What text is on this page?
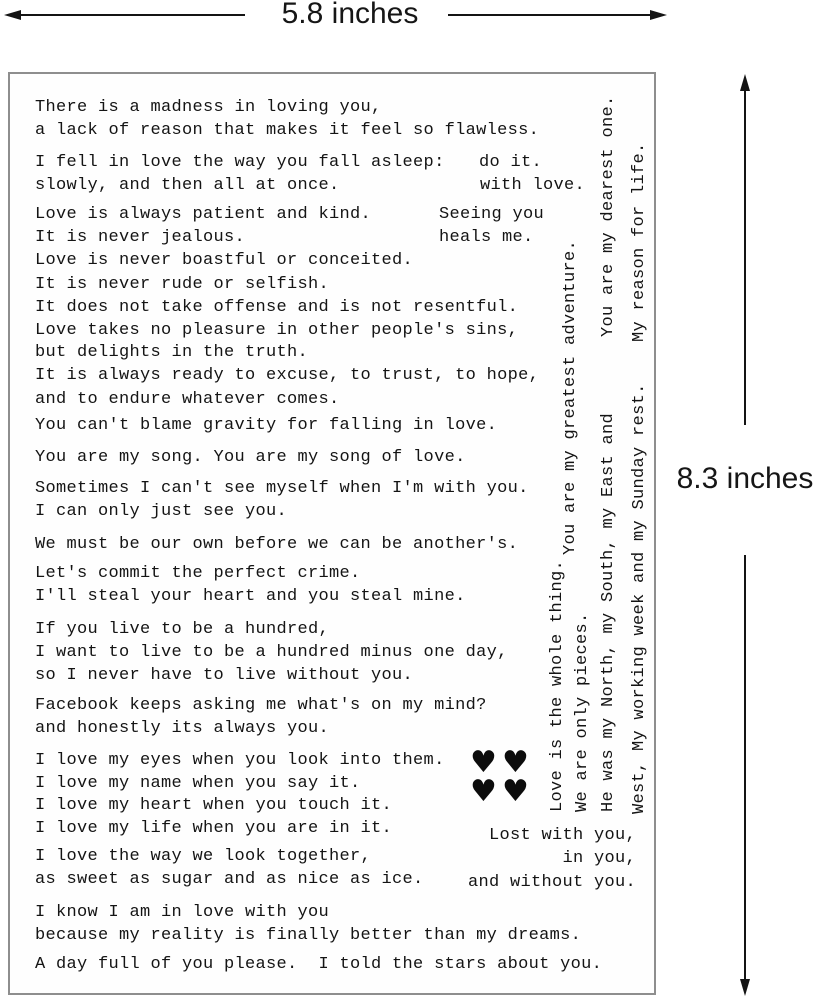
5.8 inches
8.3 inches
There is a madness in loving you,
a lack of reason that makes it feel so flawless.
I fell in love the way you fall asleep:
slowly, and then all at once.
Love is always patient and kind.
It is never jealous.
Love is never boastful or conceited.
It is never rude or selfish.
It does not take offense and is not resentful.
Love takes no pleasure in other people's sins,
but delights in the truth.
It is always ready to excuse, to trust, to hope,
and to endure whatever comes.
You can't blame gravity for falling in love.
You are my song. You are my song of love.
Sometimes I can't see myself when I'm with you.
I can only just see you.
We must be our own before we can be another's.
Let's commit the perfect crime.
I'll steal your heart and you steal mine.
If you live to be a hundred,
I want to live to be a hundred minus one day,
so I never have to live without you.
Facebook keeps asking me what's on my mind?
and honestly its always you.
I love my eyes when you look into them.
I love my name when you say it.
I love my heart when you touch it.
I love my life when you are in it.
I love the way we look together,
as sweet as sugar and as nice as ice.
I know I am in love with you
because my reality is finally better than my dreams.
A day full of you please.  I told the stars about you.
do it.
with love.
Seeing you
heals me.
Lost with you,
in you,
and without you.
♥ ♥
♥ ♥
You are my greatest adventure.
Love is the whole thing. We are only pieces. He was my North, my South, my East and
You are my dearest one.
West, My working week and my Sunday rest.
My reason for life.
